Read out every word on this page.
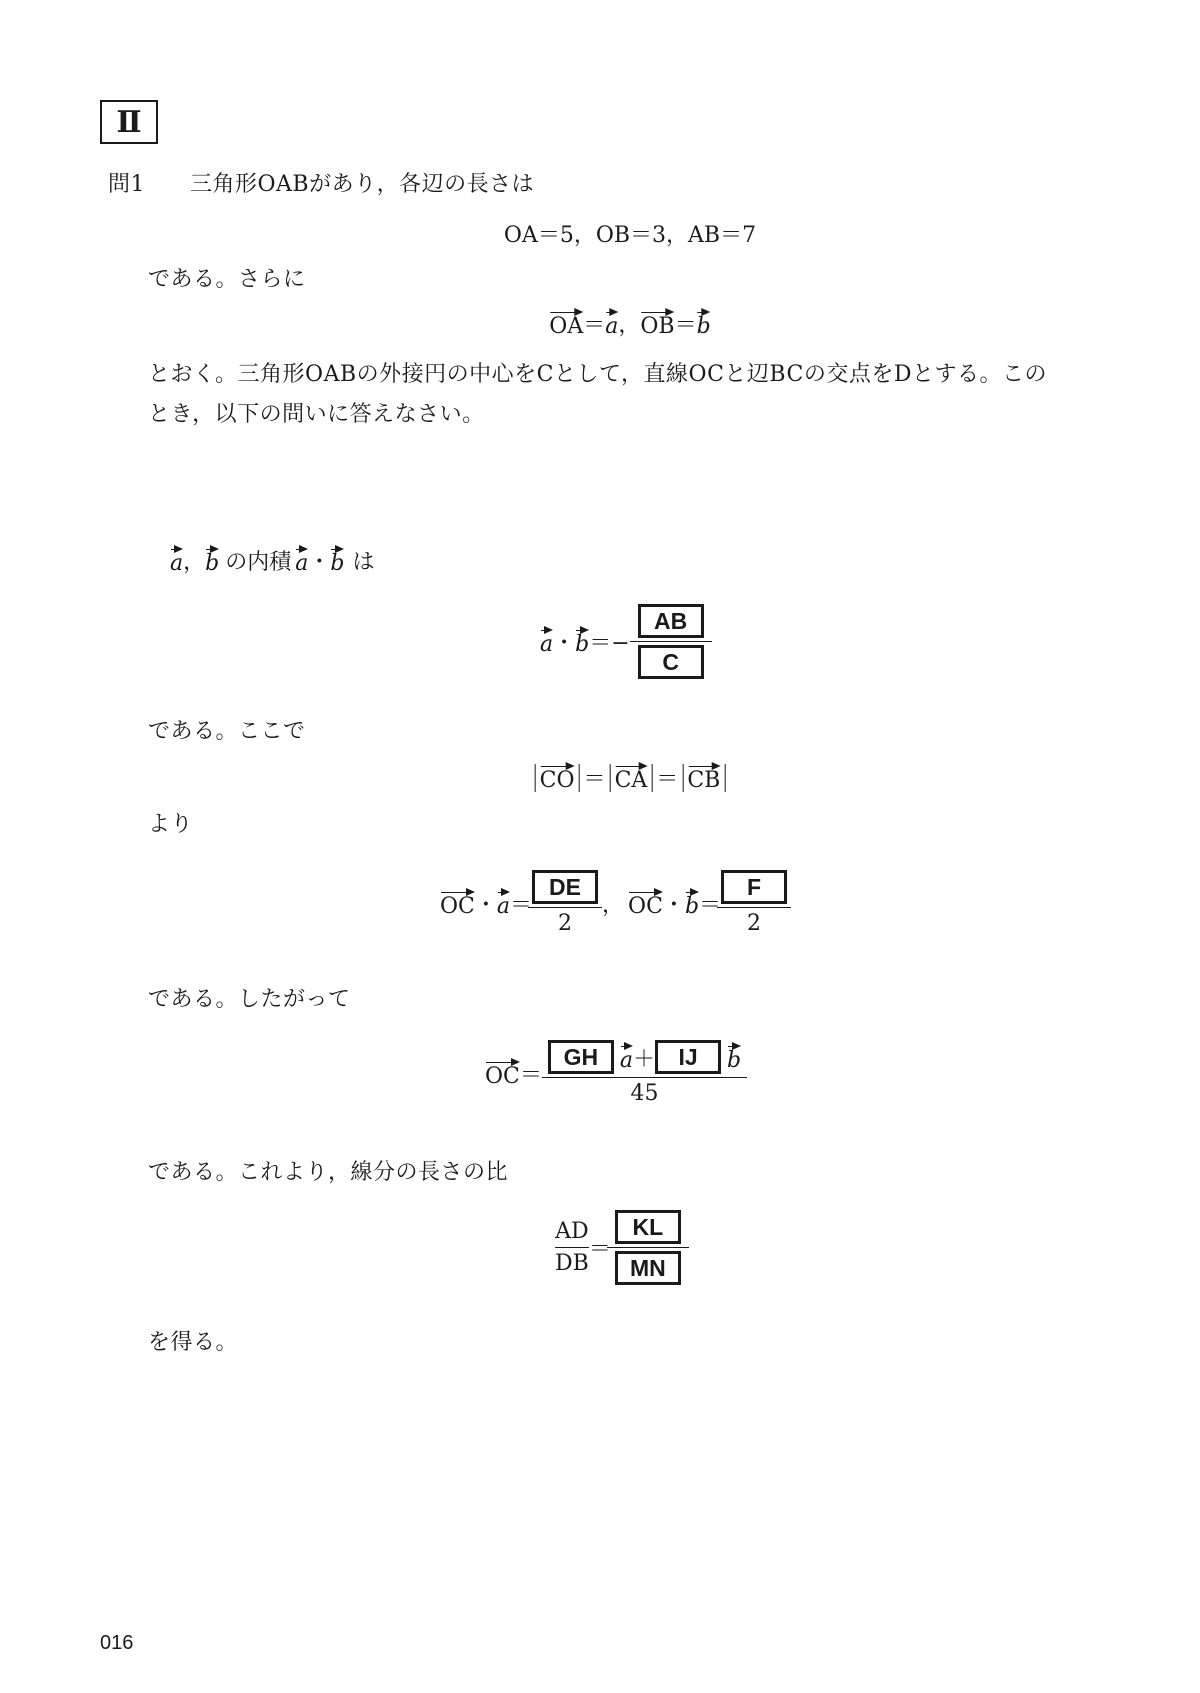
Ⅱ
問1 三角形OABがあり，各辺の長さは
OA＝5 ， OB＝3 ， AB＝7
である。さらに
OA ＝ a ， OB ＝ b
とおく。三角形OABの外接円の中心をCとして，直線OCと辺BCの交点をDとする。この
とき，以下の問いに答えなさい。
a ， b の内積 a ・ b は
a ・ $b =- \frac{AB}{C}$
である。ここで
CO ＝ CA ＝ CB
より
OC ・ $a = \frac{DE}{2}$ ， OC ・ $b = \frac{F}{2}$
である。したがって
OC ＝ GH a ＋	IJ	b
45
である。これより，線分の長さの比
$\frac{AD}{DB} = \frac{KL}{MN}$
を得る。
016
